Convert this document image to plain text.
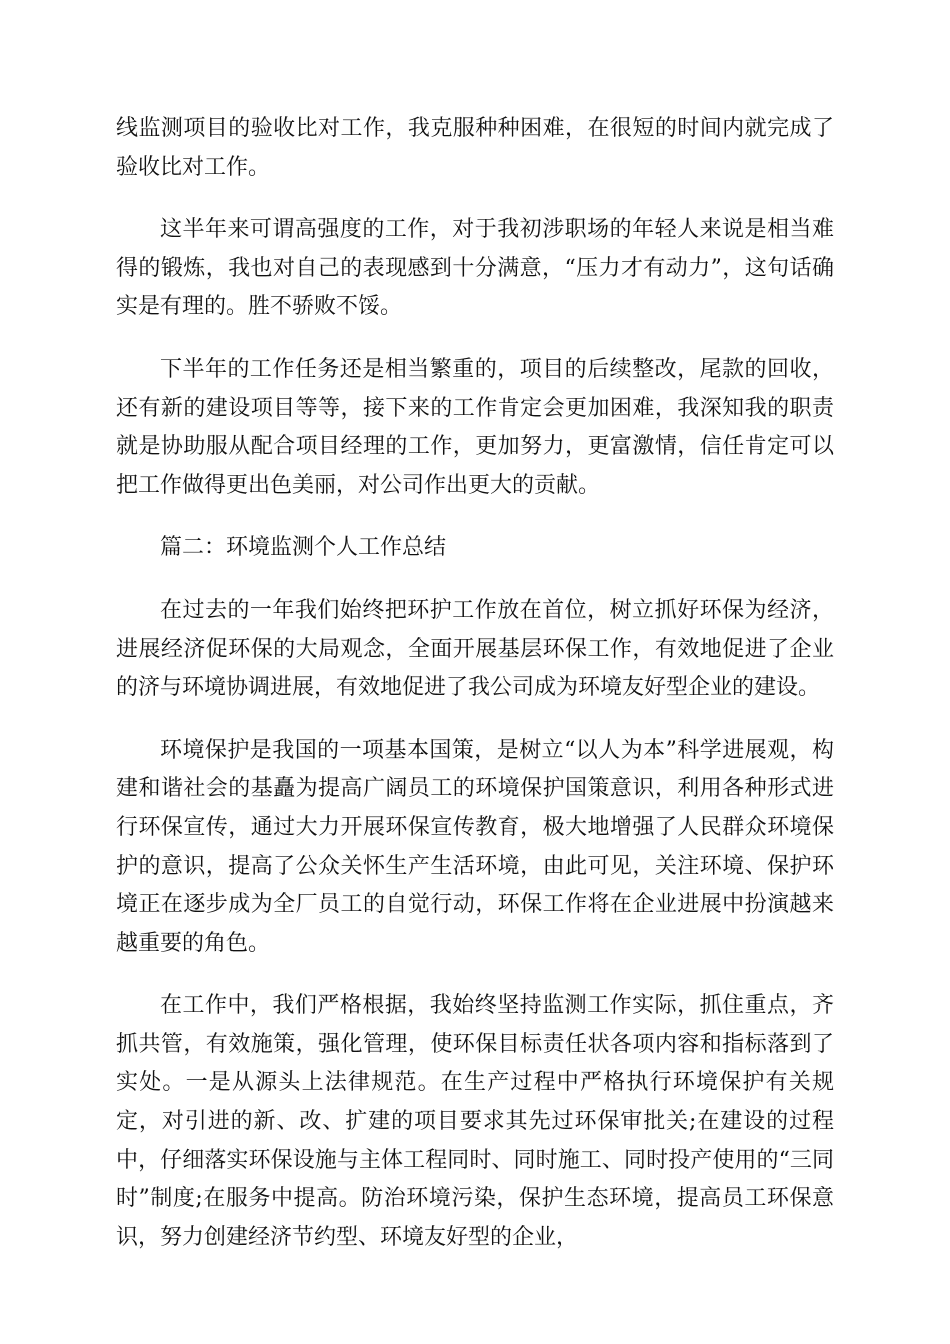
线监测项目的验收比对工作，我克服种种困难，在很短的时间内就完成了验收比对工作。

这半年来可谓高强度的工作，对于我初涉职场的年轻人来说是相当难得的锻炼，我也对自己的表现感到十分满意，“压力才有动力”，这句话确实是有理的。胜不骄败不馁。

下半年的工作任务还是相当繁重的，项目的后续整改，尾款的回收，还有新的建设项目等等，接下来的工作肯定会更加困难，我深知我的职责就是协助服从配合项目经理的工作，更加努力，更富激情，信任肯定可以把工作做得更出色美丽，对公司作出更大的贡献。

篇二：环境监测个人工作总结

在过去的一年我们始终把环护工作放在首位，树立抓好环保为经济，进展经济促环保的大局观念，全面开展基层环保工作，有效地促进了企业的济与环境协调进展，有效地促进了我公司成为环境友好型企业的建设。

环境保护是我国的一项基本国策，是树立“以人为本”科学进展观，构建和谐社会的基矗为提高广阔员工的环境保护国策意识，利用各种形式进行环保宣传，通过大力开展环保宣传教育，极大地增强了人民群众环境保护的意识，提高了公众关怀生产生活环境，由此可见，关注环境、保护环境正在逐步成为全厂员工的自觉行动，环保工作将在企业进展中扮演越来越重要的角色。

在工作中，我们严格根据，我始终坚持监测工作实际，抓住重点，齐抓共管，有效施策，强化管理，使环保目标责任状各项内容和指标落到了实处。一是从源头上法律规范。在生产过程中严格执行环境保护有关规定，对引进的新、改、扩建的项目要求其先过环保审批关;在建设的过程中，仔细落实环保设施与主体工程同时、同时施工、同时投产使用的“三同时”制度;在服务中提高。防治环境污染，保护生态环境，提高员工环保意识，努力创建经济节约型、环境友好型的企业，
